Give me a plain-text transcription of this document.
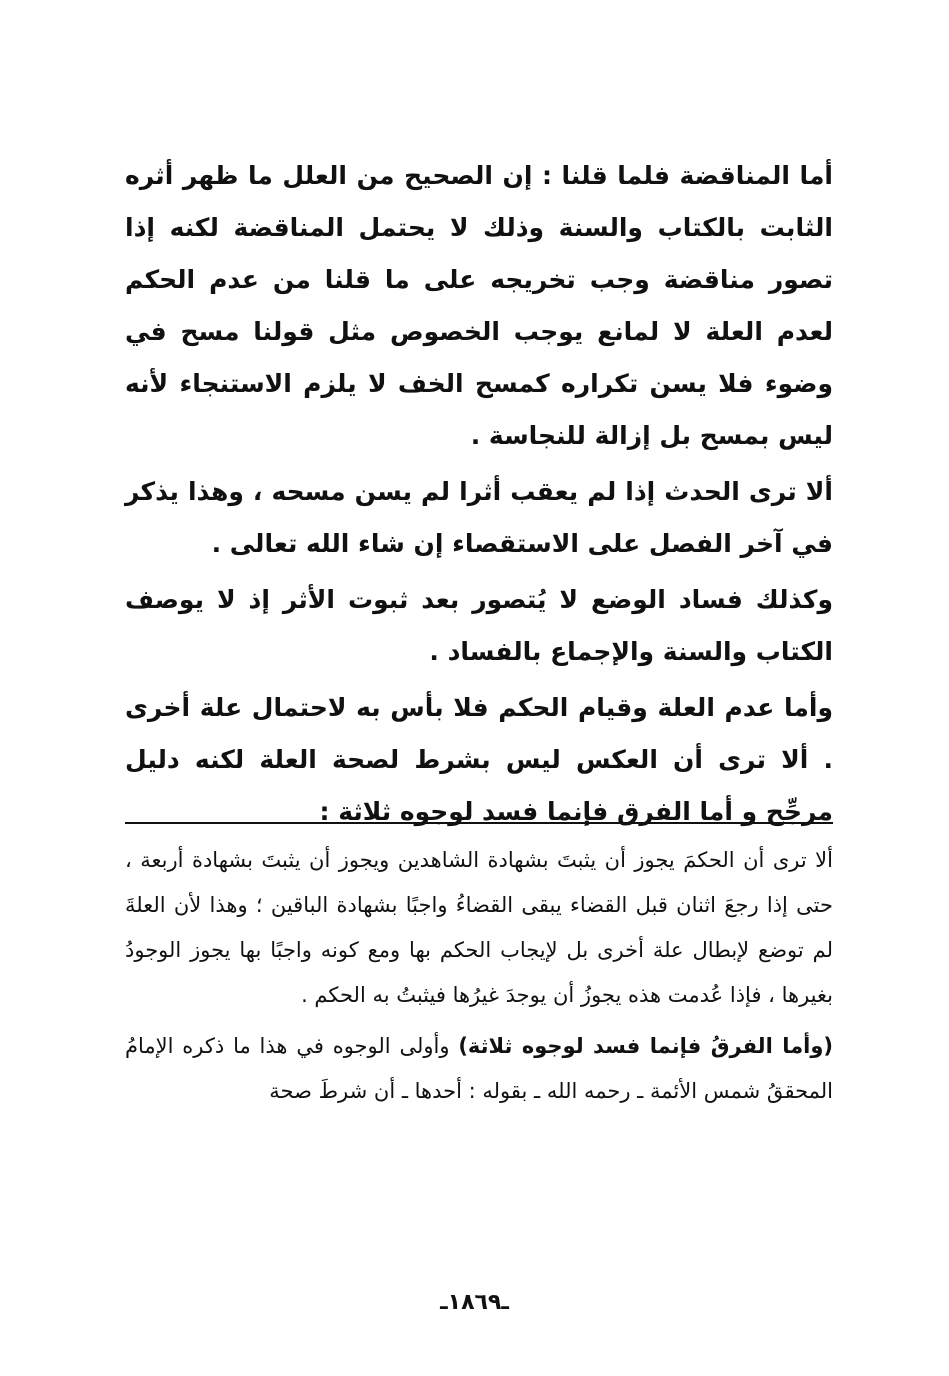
أما المناقضة فلما قلنا : إن الصحيح من العلل ما ظهر أثره الثابت بالكتاب والسنة وذلك لا يحتمل المناقضة لكنه إذا تصور مناقضة وجب تخريجه على ما قلنا من عدم الحكم لعدم العلة لا لمانع يوجب الخصوص مثل قولنا مسح في وضوء فلا يسن تكراره كمسح الخف لا يلزم الاستنجاء لأنه ليس بمسح بل إزالة للنجاسة .

ألا ترى الحدث إذا لم يعقب أثرا لم يسن مسحه ، وهذا يذكر في آخر الفصل على الاستقصاء إن شاء الله تعالى .

وكذلك فساد الوضع لا يُتصور بعد ثبوت الأثر إذ لا يوصف الكتاب والسنة والإجماع بالفساد .

وأما عدم العلة وقيام الحكم فلا بأس به لاحتمال علة أخرى . ألا ترى أن العكس ليس بشرط لصحة العلة لكنه دليل مرجِّح و أما الفرق فإنما فسد لوجوه ثلاثة :

ألا ترى أن الحكمَ يجوز أن يثبتَ بشهادة الشاهدين ويجوز أن يثبتَ بشهادة أربعة ، حتى إذا رجعَ اثنان قبل القضاء يبقى القضاءُ واجبًا بشهادة الباقين ؛ وهذا لأن العلةَ لم توضع لإبطال علة أخرى بل لإيجاب الحكم بها ومع كونه واجبًا بها يجوز الوجودُ بغيرها ، فإذا عُدمت هذه يجوزُ أن يوجدَ غيرُها فيثبتُ به الحكم .

(وأما الفرقُ فإنما فسد لوجوه ثلاثة) وأولى الوجوه في هذا ما ذكره الإمامُ المحققُ شمس الأئمة ـ رحمه الله ـ بقوله : أحدها ـ أن شرطَ صحة

ـ١٨٦٩ـ
